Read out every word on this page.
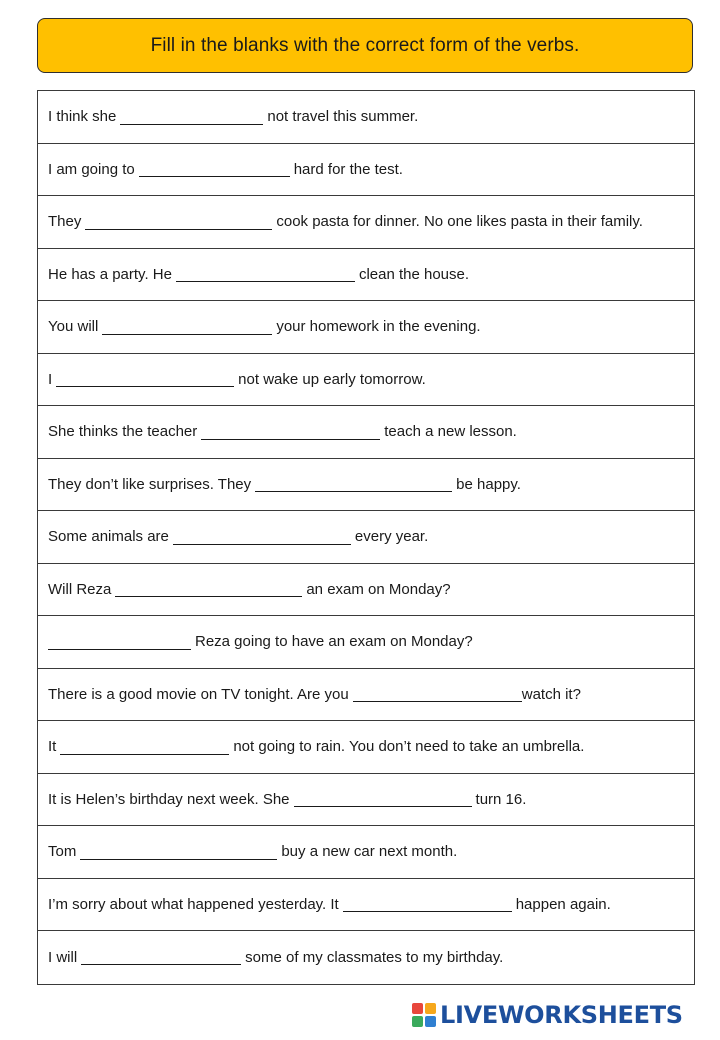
Fill in the blanks with the correct form of the verbs.
I think she	not travel this summer.
I am going to	hard for the test.
They	cook pasta for dinner. No one likes pasta in their family.
He has a party. He	clean the house.
You will	your homework in the evening.
I	not wake up early tomorrow.
She thinks the teacher	teach a new lesson.
They don’t like surprises. They	be happy.
Some animals are	every year.
Will Reza	an exam on Monday?
Reza going to have an exam on Monday?
There is a good movie on TV tonight. Are you	watch it?
It	not going to rain. You don’t need to take an umbrella.
It is Helen’s birthday next week. She	turn 16.
Tom	buy a new car next month.
I’m sorry about what happened yesterday. It	happen again.
I will	some of my classmates to my birthday.
LIVEWORKSHEETS
